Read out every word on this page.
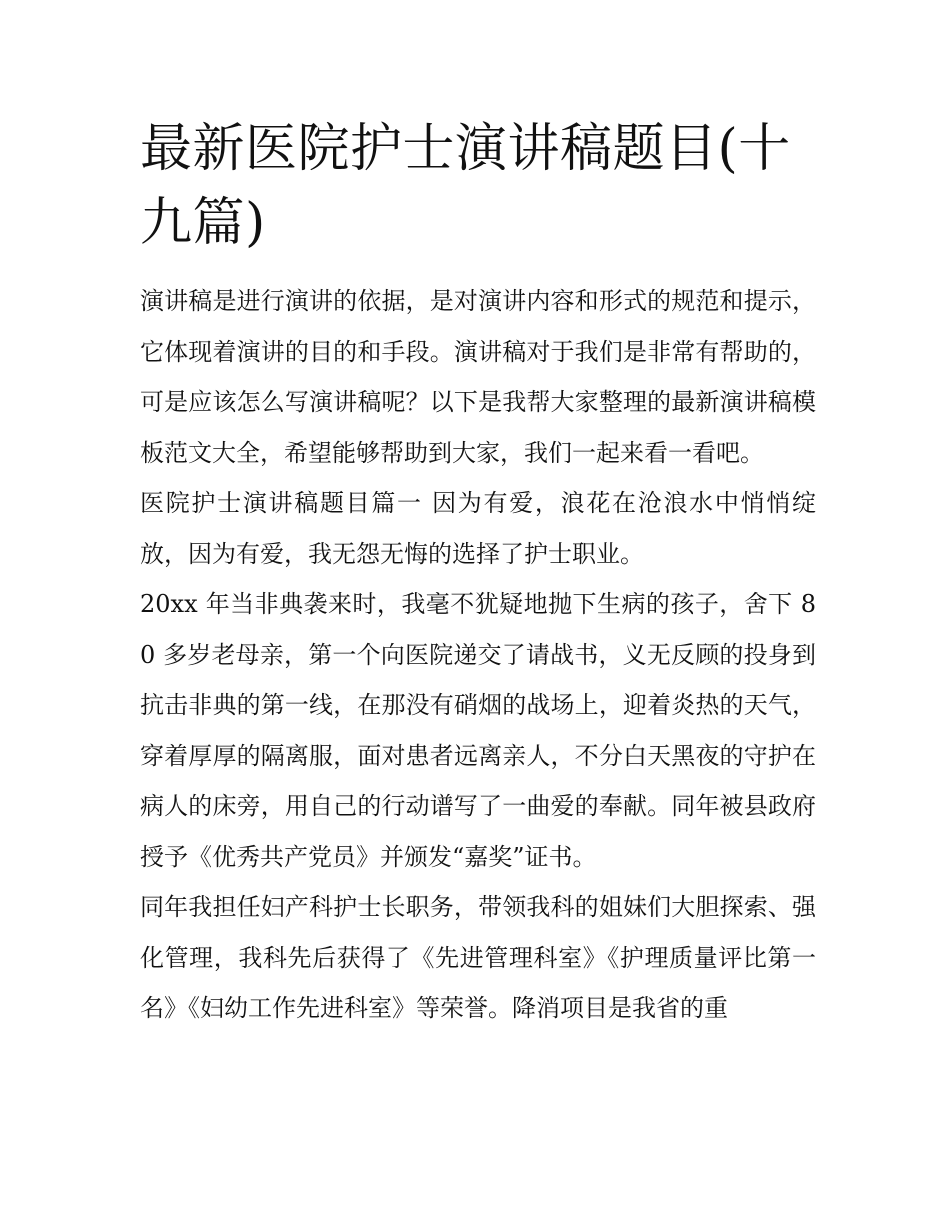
最新医院护士演讲稿题目(十九篇)

演讲稿是进行演讲的依据，是对演讲内容和形式的规范和提示，它体现着演讲的目的和手段。演讲稿对于我们是非常有帮助的，可是应该怎么写演讲稿呢？以下是我帮大家整理的最新演讲稿模板范文大全，希望能够帮助到大家，我们一起来看一看吧。

医院护士演讲稿题目篇一 因为有爱，浪花在沧浪水中悄悄绽放，因为有爱，我无怨无悔的选择了护士职业。

20xx 年当非典袭来时，我毫不犹疑地抛下生病的孩子，舍下 80 多岁老母亲，第一个向医院递交了请战书，义无反顾的投身到抗击非典的第一线，在那没有硝烟的战场上，迎着炎热的天气，穿着厚厚的隔离服，面对患者远离亲人，不分白天黑夜的守护在病人的床旁，用自己的行动谱写了一曲爱的奉献。同年被县政府授予《优秀共产党员》并颁发“嘉奖”证书。

同年我担任妇产科护士长职务，带领我科的姐妹们大胆探索、强化管理，我科先后获得了《先进管理科室》《护理质量评比第一名》《妇幼工作先进科室》等荣誉。降消项目是我省的重
